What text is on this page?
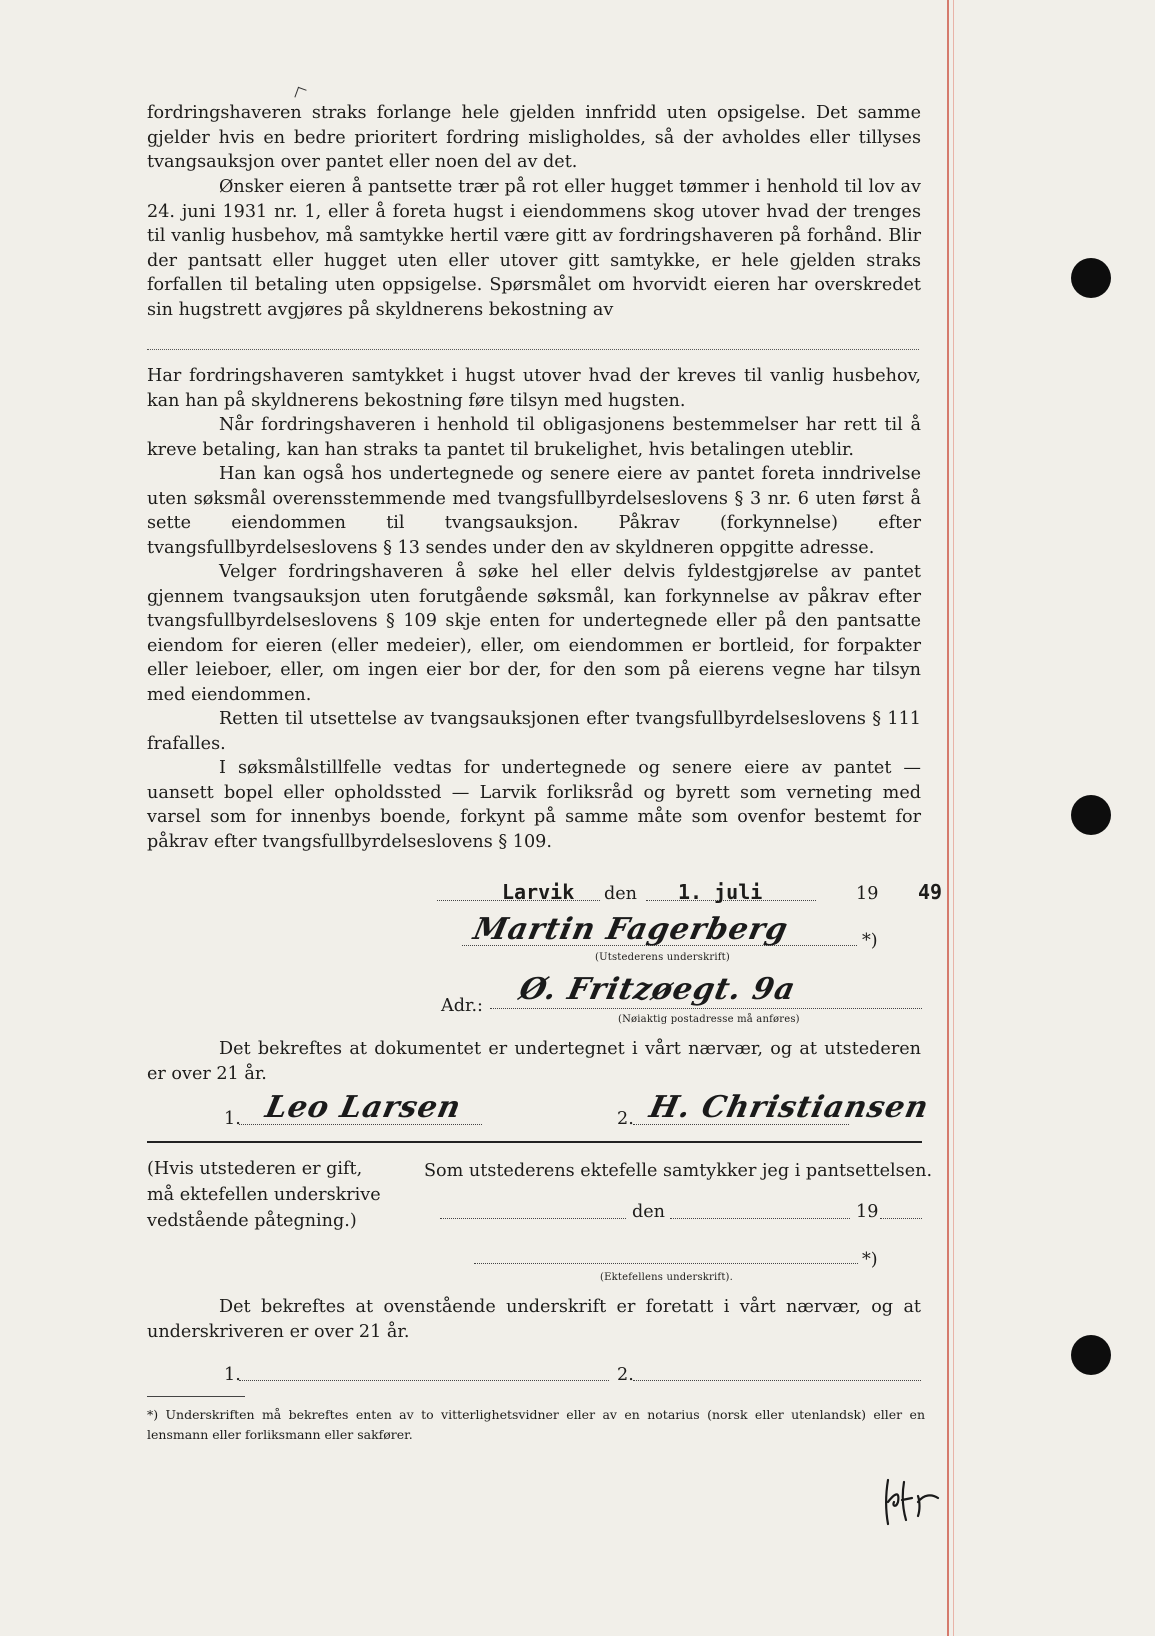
fordringshaveren straks forlange hele gjelden innfridd uten opsigelse. Det samme gjelder hvis en bedre prioritert fordring misligholdes, så der avholdes eller tillyses tvangsauksjon over pantet eller noen del av det.

Ønsker eieren å pantsette trær på rot eller hugget tømmer i henhold til lov av 24. juni 1931 nr. 1, eller å foreta hugst i eiendommens skog utover hvad der trenges til vanlig husbehov, må samtykke hertil være gitt av fordringshaveren på forhånd. Blir der pantsatt eller hugget uten eller utover gitt samtykke, er hele gjelden straks forfallen til betaling uten oppsigelse. Spørsmålet om hvorvidt eieren har overskredet sin hugstrett avgjøres på skyldnerens bekostning av

Har fordringshaveren samtykket i hugst utover hvad der kreves til vanlig husbehov, kan han på skyldnerens bekostning føre tilsyn med hugsten.

Når fordringshaveren i henhold til obligasjonens bestemmelser har rett til å kreve betaling, kan han straks ta pantet til brukelighet, hvis betalingen uteblir.

Han kan også hos undertegnede og senere eiere av pantet foreta inndrivelse uten søksmål overensstemmende med tvangsfullbyrdelseslovens § 3 nr. 6 uten først å sette eiendommen til tvangsauksjon. Påkrav (forkynnelse) efter tvangsfullbyrdelseslovens § 13 sendes under den av skyldneren oppgitte adresse.

Velger fordringshaveren å søke hel eller delvis fyldestgjørelse av pantet gjennem tvangsauksjon uten forutgående søksmål, kan forkynnelse av påkrav efter tvangsfullbyrdelseslovens § 109 skje enten for undertegnede eller på den pantsatte eiendom for eieren (eller medeier), eller, om eiendommen er bortleid, for forpakter eller leieboer, eller, om ingen eier bor der, for den som på eierens vegne har tilsyn med eiendommen.

Retten til utsettelse av tvangsauksjonen efter tvangsfullbyrdelseslovens § 111 frafalles.

I søksmålstillfelle vedtas for undertegnede og senere eiere av pantet — uansett bopel eller opholdssted — Larvik forliksråd og byrett som verneting med varsel som for innenbys boende, forkynt på samme måte som ovenfor bestemt for påkrav efter tvangsfullbyrdelseslovens § 109.

Larvik den 1. juli	19 49
Martin Fagerberg	*)
(Utstederens underskrift)
Adr.: Ø. Fritzøegt. 9a
(Nøiaktig postadresse må anføres)

Det bekreftes at dokumentet er undertegnet i vårt nærvær, og at utstederen er over 21 år.

1. Leo Larsen	2. H. Christiansen

(Hvis utstederen er gift, må ektefellen underskrive vedstående påtegning.)

Som utstederens ektefelle samtykker jeg i pantsettelsen.
den	19
*)
(Ektefellens underskrift).

Det bekreftes at ovenstående underskrift er foretatt i vårt nærvær, og at underskriveren er over 21 år.

1.	2.

*) Underskriften må bekreftes enten av to vitterlighetsvidner eller av en notarius (norsk eller utenlandsk) eller en lensmann eller forliksmann eller sakfører.
